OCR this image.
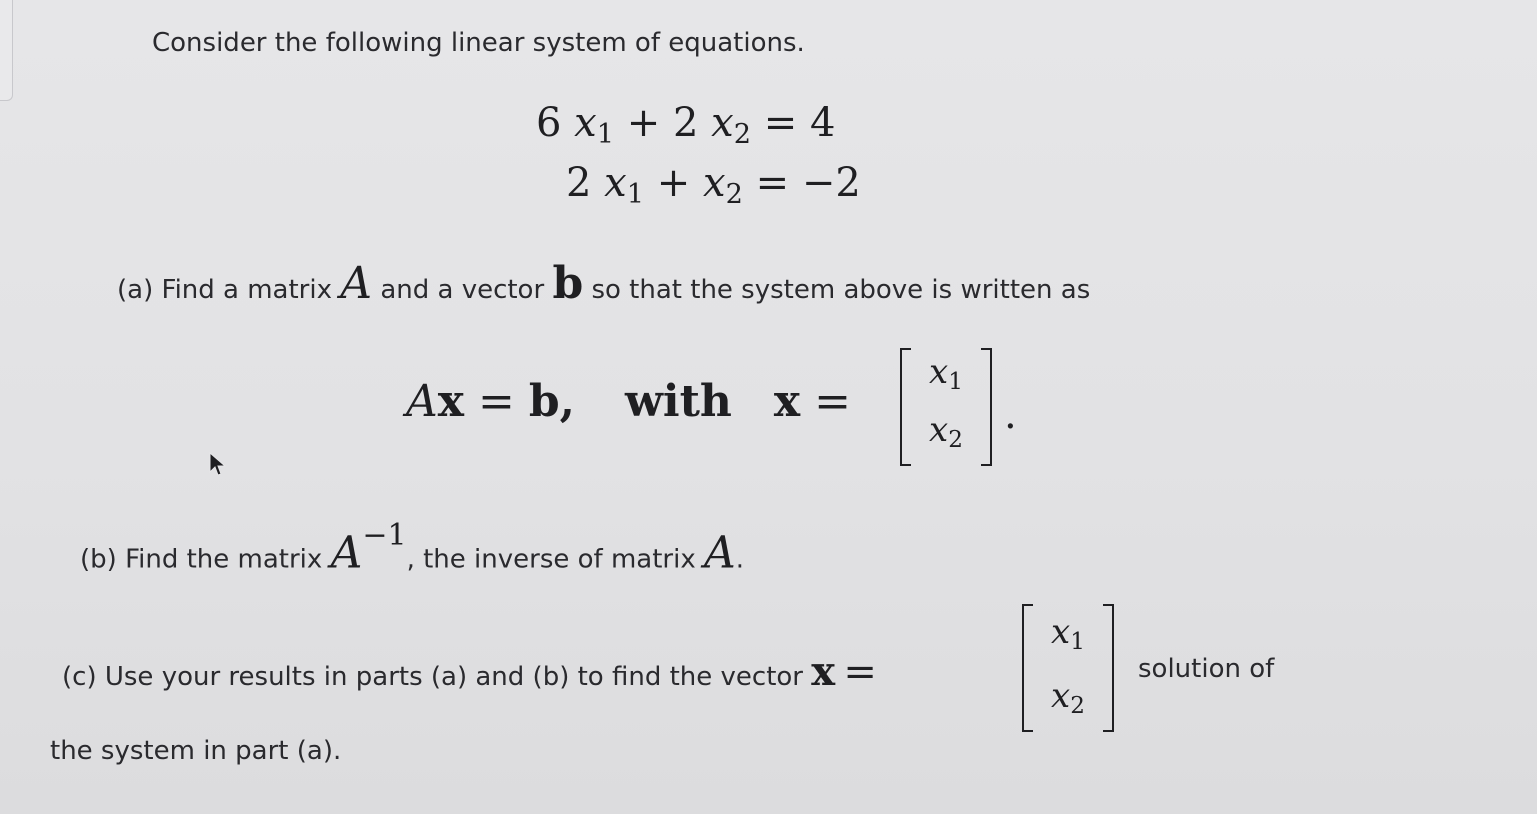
Consider the following linear system of equations.
6 $x_1 + 2$ $x_2 = 4$
2 $x_1 + x_2 = -2$
(a) Find a matrix A and a vector b so that the system above is written as
Ax = b, with x =
$x_1$
$x_2$
.
(b) Find the matrix A−1, the inverse of matrix A.
(c) Use your results in parts (a) and (b) to find the vector x =
$x_1$
$x_2$
solution of
the system in part (a).
